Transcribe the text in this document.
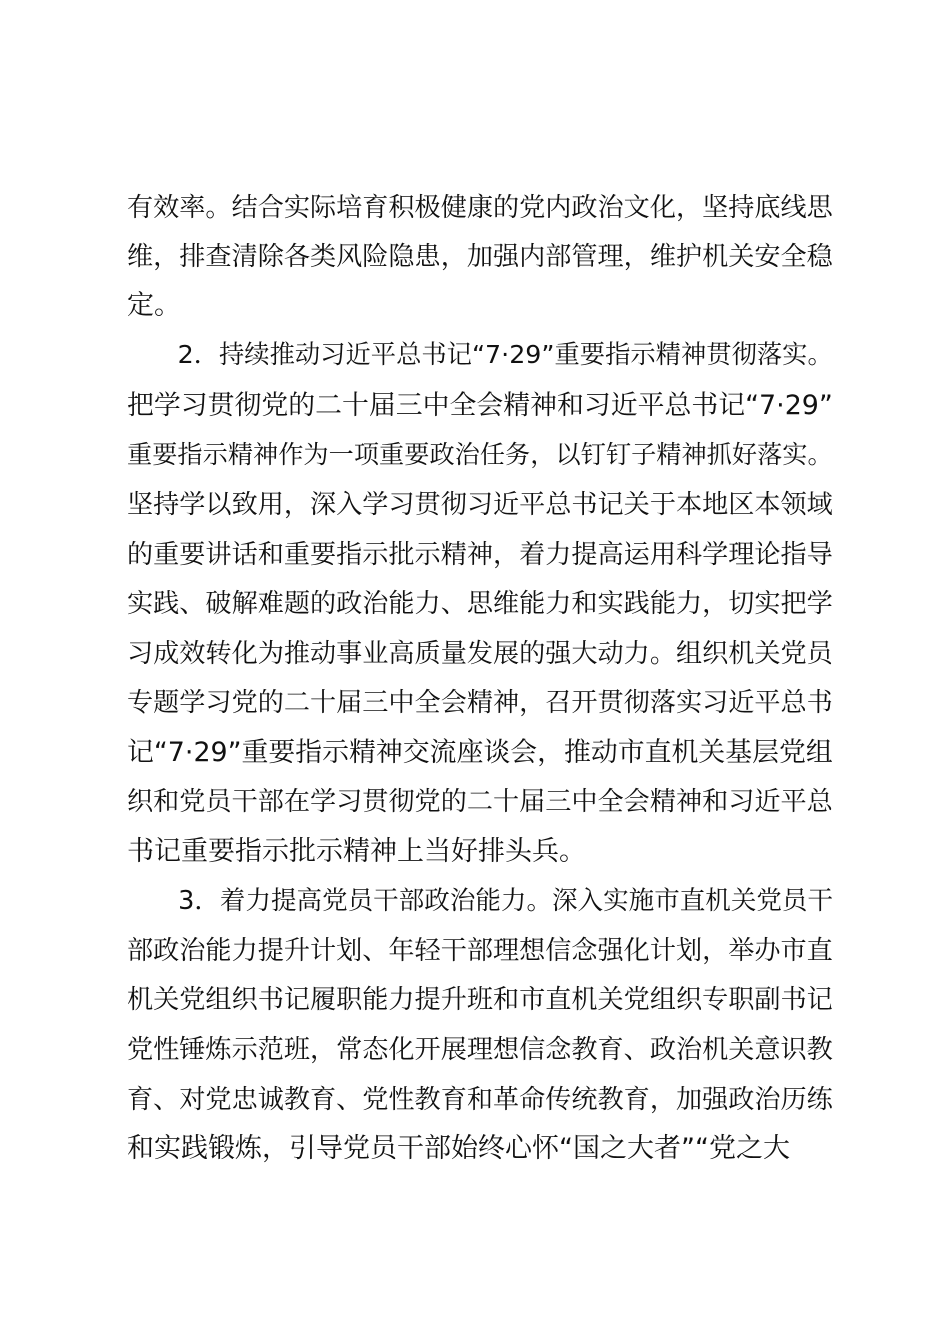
有效率。结合实际培育积极健康的党内政治文化，坚持底线思
维，排查清除各类风险隐患，加强内部管理，维护机关安全稳
定。
　　2．持续推动习近平总书记“7·29”重要指示精神贯彻落实。
把学习贯彻党的二十届三中全会精神和习近平总书记“7·29”
重要指示精神作为一项重要政治任务，以钉钉子精神抓好落实。
坚持学以致用，深入学习贯彻习近平总书记关于本地区本领域
的重要讲话和重要指示批示精神，着力提高运用科学理论指导
实践、破解难题的政治能力、思维能力和实践能力，切实把学
习成效转化为推动事业高质量发展的强大动力。组织机关党员
专题学习党的二十届三中全会精神，召开贯彻落实习近平总书
记“7·29”重要指示精神交流座谈会，推动市直机关基层党组
织和党员干部在学习贯彻党的二十届三中全会精神和习近平总
书记重要指示批示精神上当好排头兵。
　　3．着力提高党员干部政治能力。深入实施市直机关党员干
部政治能力提升计划、年轻干部理想信念强化计划，举办市直
机关党组织书记履职能力提升班和市直机关党组织专职副书记
党性锤炼示范班，常态化开展理想信念教育、政治机关意识教
育、对党忠诚教育、党性教育和革命传统教育，加强政治历练
和实践锻炼，引导党员干部始终心怀“国之大者”“党之大
